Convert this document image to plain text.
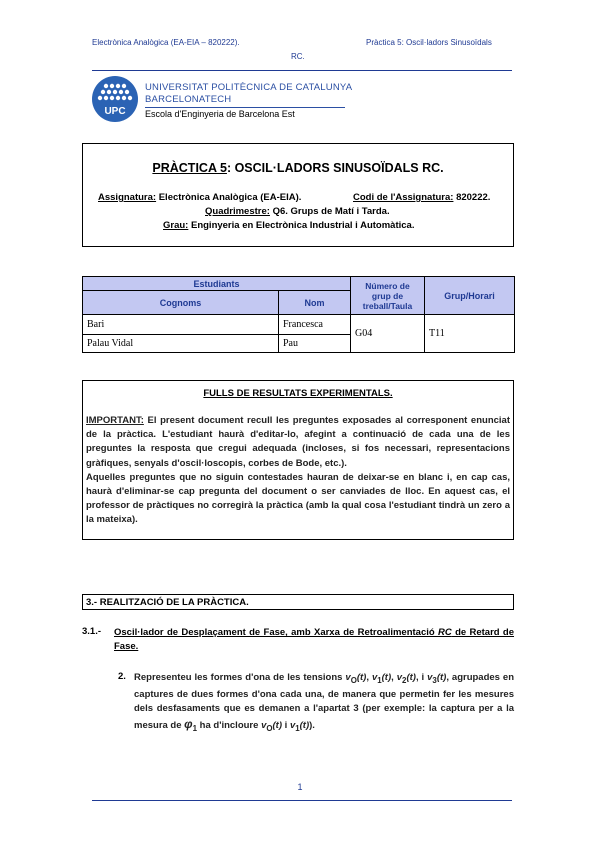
Electrònica Analògica (EA-EIA – 820222).	Pràctica 5: Oscil·ladors Sinusoïdals
RC.
UPC
UNIVERSITAT POLITÈCNICA DE CATALUNYA
BARCELONATECH
Escola d'Enginyeria de Barcelona Est
PRÀCTICA 5: OSCIL·LADORS SINUSOÏDALS RC.
Assignatura: Electrònica Analògica (EA-EIA).	Codi de l'Assignatura: 820222.
Quadrimestre: Q6. Grups de Matí i Tarda.
Grau: Enginyeria en Electrònica Industrial i Automàtica.
Estudiants		Número de grup de treball/Taula	Grup/Horari
Cognoms	Nom		
Bari	Francesca	G04	T11
Palau Vidal	Pau		
FULLS DE RESULTATS EXPERIMENTALS.

IMPORTANT: El present document recull les preguntes exposades al corresponent enunciat de la pràctica. L'estudiant haurà d'editar-lo, afegint a continuació de cada una de les preguntes la resposta que cregui adequada (incloses, si fos necessari, representacions gràfiques, senyals d'oscil·loscopis, corbes de Bode, etc.).

Aquelles preguntes que no siguin contestades hauran de deixar-se en blanc i, en cap cas, haurà d'eliminar-se cap pregunta del document o ser canviades de lloc. En aquest cas, el professor de pràctiques no corregirà la pràctica (amb la qual cosa l'estudiant tindrà un zero a la mateixa).

3.- REALITZACIÓ DE LA PRÀCTICA.
3.1.- Oscil·lador de Desplaçament de Fase, amb Xarxa de Retroalimentació RC de Retard de Fase.
2. Representeu les formes d'ona de les tensions $v_O(t)$, $v_1(t)$, $v_2(t)$, i $v_3(t)$, agrupades en captures de dues formes d'ona cada una, de manera que permetin fer les mesures dels desfasaments que es demanen a l'apartat 3 (per exemple: la captura per a la mesura de $\varphi_1$ ha d'incloure $v_O(t)$ i $v_1(t)$).
1
